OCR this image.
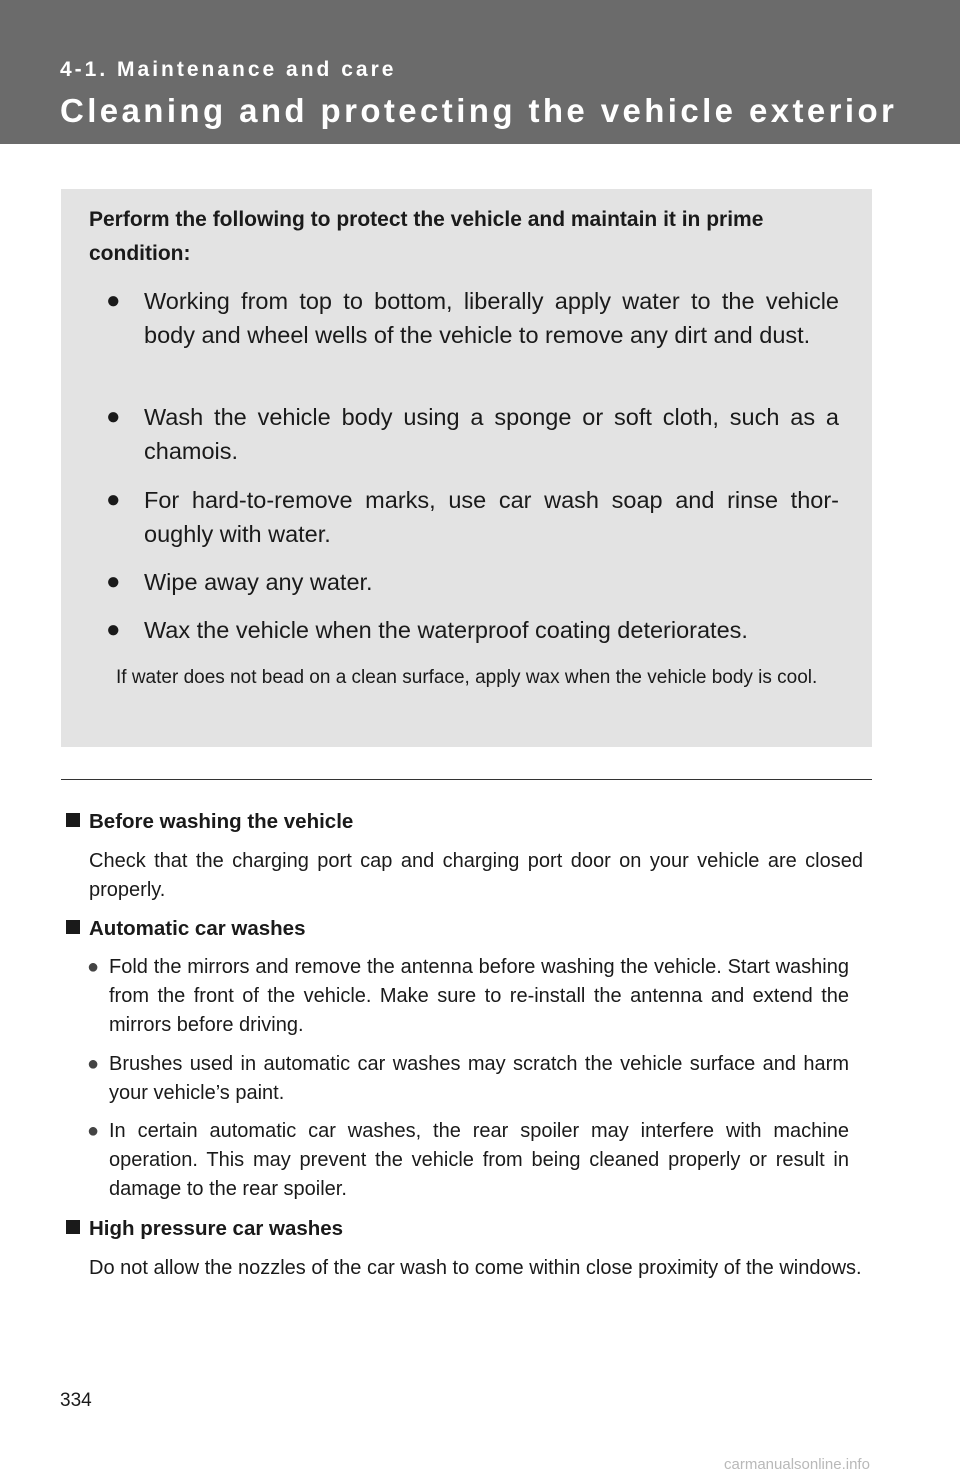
4-1. Maintenance and care
Cleaning and protecting the vehicle exterior
Perform the following to protect the vehicle and maintain it in prime condition:
● Working from top to bottom, liberally apply water to the vehicle body and wheel wells of the vehicle to remove any dirt and dust.
● Wash the vehicle body using a sponge or soft cloth, such as a chamois.
● For hard-to-remove marks, use car wash soap and rinse thor-oughly with water.
● Wipe away any water.
● Wax the vehicle when the waterproof coating deteriorates.
If water does not bead on a clean surface, apply wax when the vehicle body is cool.
Before washing the vehicle
Check that the charging port cap and charging port door on your vehicle are closed properly.
Automatic car washes
● Fold the mirrors and remove the antenna before washing the vehicle. Start washing from the front of the vehicle. Make sure to re-install the antenna and extend the mirrors before driving.
● Brushes used in automatic car washes may scratch the vehicle surface and harm your vehicle’s paint.
● In certain automatic car washes, the rear spoiler may interfere with machine operation. This may prevent the vehicle from being cleaned properly or result in damage to the rear spoiler.
High pressure car washes
Do not allow the nozzles of the car wash to come within close proximity of the windows.
334
carmanualsonline.info
